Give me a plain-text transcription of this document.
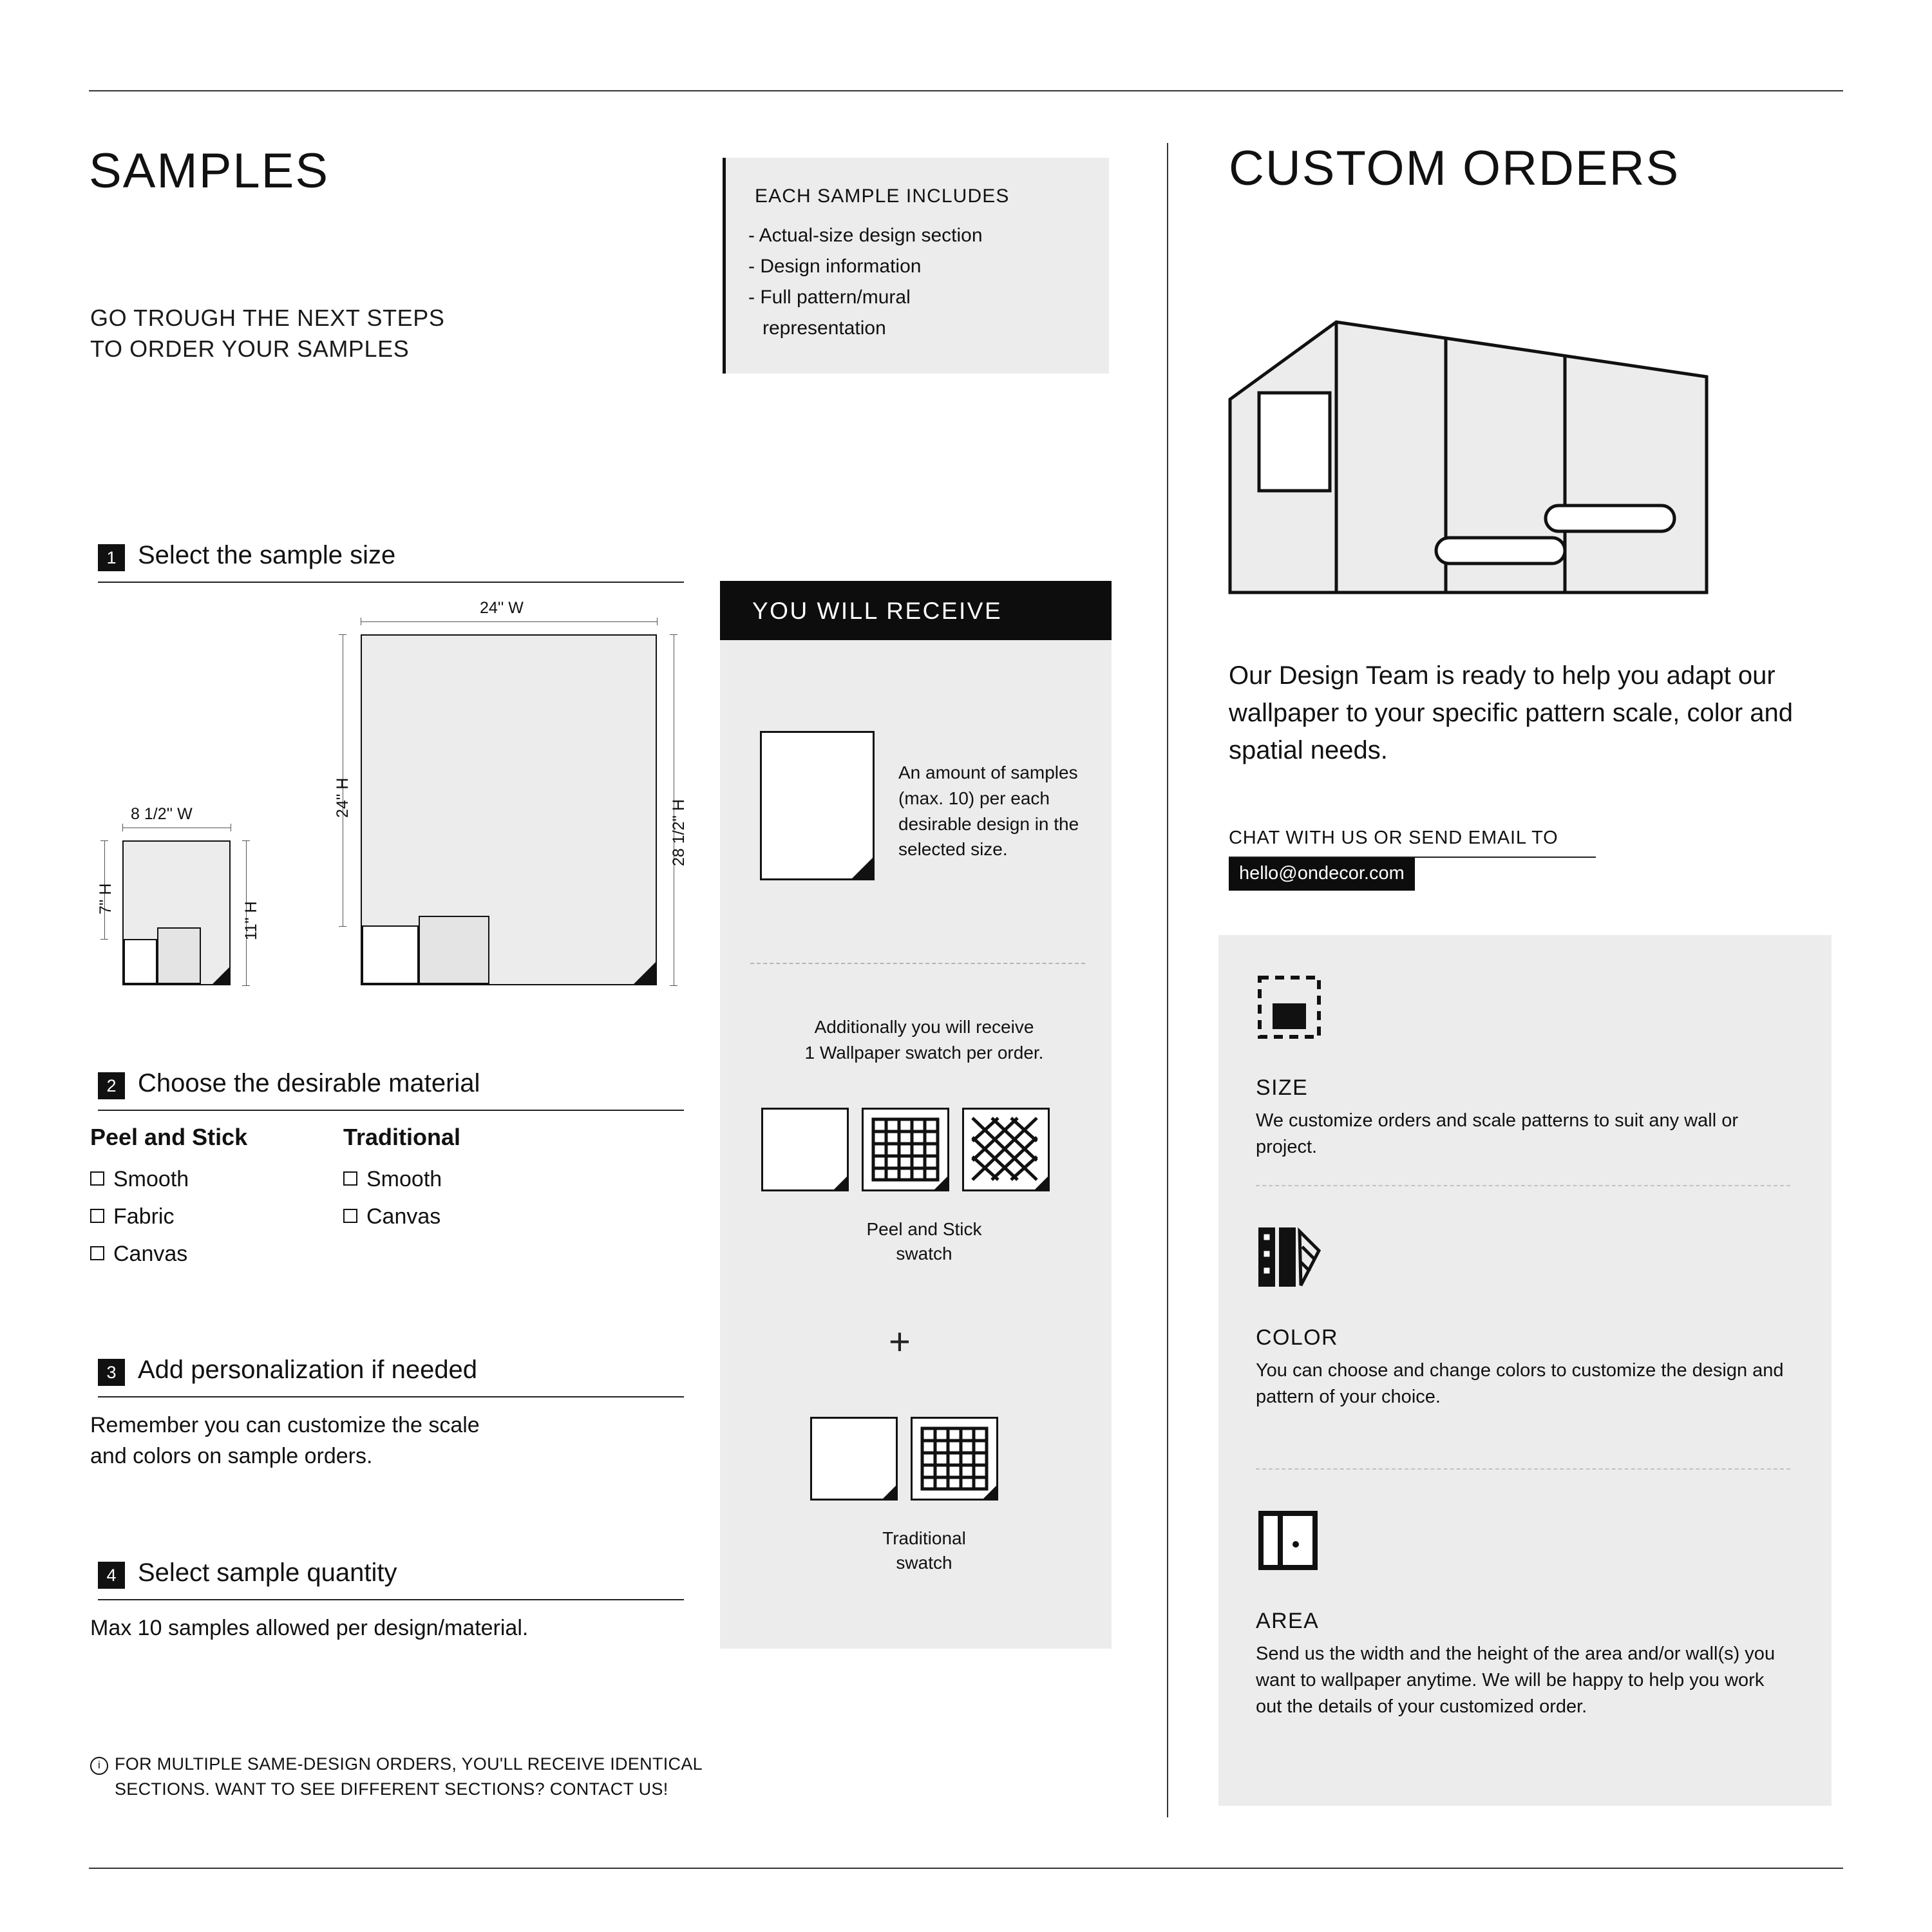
SAMPLES
GO TROUGH THE NEXT STEPS
TO ORDER YOUR SAMPLES
EACH SAMPLE INCLUDES
- Actual-size design section
- Design information
- Full pattern/mural
representation
1 Select the sample size
24'' W
24'' H
28 1/2'' H
8 1/2'' W
7'' H
11'' H
2 Choose the desirable material
Peel and Stick
Smooth
Fabric
Canvas
Traditional
Smooth
Canvas
3 Add personalization if needed
Remember you can customize the scale
and colors on sample orders.
4 Select sample quantity
Max 10 samples allowed per design/material.
i FOR MULTIPLE SAME-DESIGN ORDERS, YOU'LL RECEIVE IDENTICAL
SECTIONS. WANT TO SEE DIFFERENT SECTIONS? CONTACT US!
YOU WILL RECEIVE
An amount of samples (max. 10) per each desirable design in the selected size.
Additionally you will receive
1 Wallpaper swatch per order.
Peel and Stick
swatch
+
Traditional
swatch
CUSTOM ORDERS
Our Design Team is ready to help you adapt our wallpaper to your specific pattern scale, color and spatial needs.
CHAT WITH US OR SEND EMAIL TO
hello@ondecor.com
SIZE
We customize orders and scale patterns to suit any wall or project.
COLOR
You can choose and change colors to customize the design and pattern of your choice.
AREA
Send us the width and the height of the area and/or wall(s) you want to wallpaper anytime. We will be happy to help you work out the details of your customized order.
